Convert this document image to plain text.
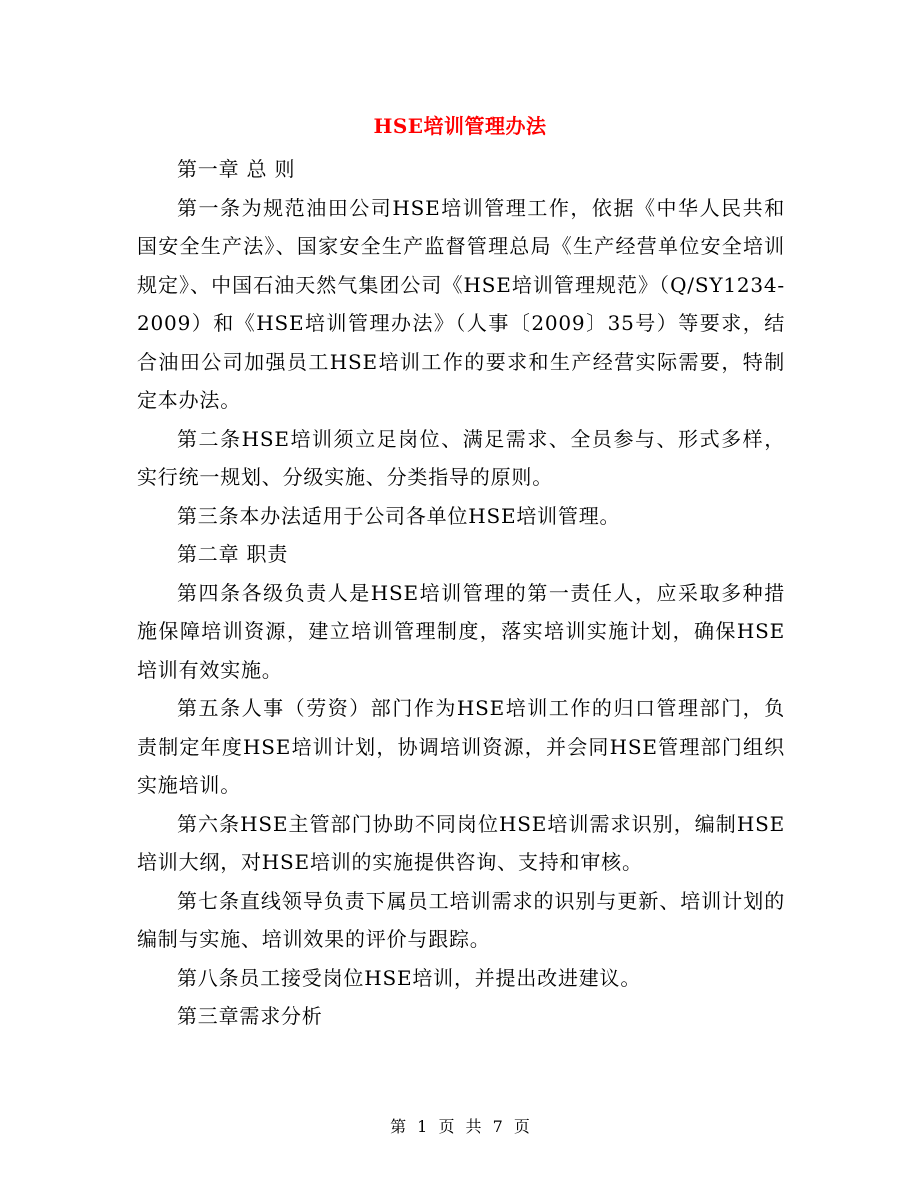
HSE培训管理办法

第一章 总 则

第一条为规范油田公司HSE培训管理工作，依据《中华人民共和国安全生产法》、国家安全生产监督管理总局《生产经营单位安全培训规定》、中国石油天然气集团公司《HSE培训管理规范》（Q/SY1234-2009）和《HSE培训管理办法》（人事〔2009〕35号）等要求，结合油田公司加强员工HSE培训工作的要求和生产经营实际需要，特制定本办法。

第二条HSE培训须立足岗位、满足需求、全员参与、形式多样，实行统一规划、分级实施、分类指导的原则。

第三条本办法适用于公司各单位HSE培训管理。

第二章 职责

第四条各级负责人是HSE培训管理的第一责任人，应采取多种措施保障培训资源，建立培训管理制度，落实培训实施计划，确保HSE培训有效实施。

第五条人事（劳资）部门作为HSE培训工作的归口管理部门，负责制定年度HSE培训计划，协调培训资源，并会同HSE管理部门组织实施培训。

第六条HSE主管部门协助不同岗位HSE培训需求识别，编制HSE培训大纲，对HSE培训的实施提供咨询、支持和审核。

第七条直线领导负责下属员工培训需求的识别与更新、培训计划的编制与实施、培训效果的评价与跟踪。

第八条员工接受岗位HSE培训，并提出改进建议。

第三章需求分析

第 1 页 共 7 页
